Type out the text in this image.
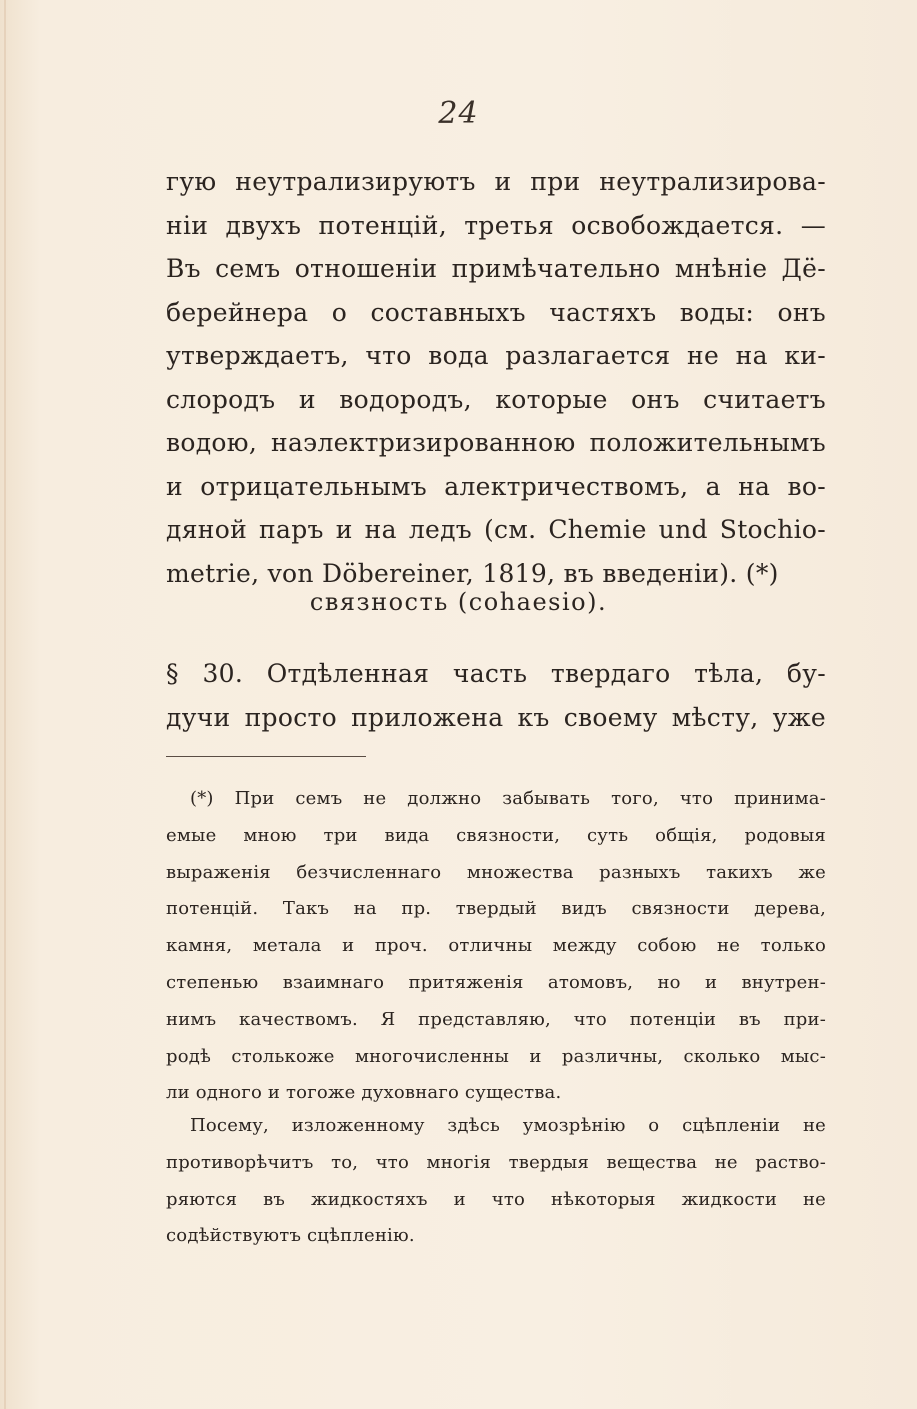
24
гую неутрализируютъ и при неутрализирова-
ніи двухъ потенцій, третья освобождается. —
Въ семъ отношеніи примѣчательно мнѣніе Дё-
берейнера о составныхъ частяхъ воды: онъ
утверждаетъ, что вода разлагается не на ки-
слородъ и водородъ, которые онъ считаетъ
водою, наэлектризированною положительнымъ
и отрицательнымъ алектричествомъ, а на во-
дяной паръ и на ледъ (см. Chemie und Stochio-
metrie, von Döbereiner, 1819, въ введеніи). (*)
связность (cohaesio).
§ 30. Отдѣленная часть твердаго тѣла, бу-
дучи просто приложена къ своему мѣсту, уже
(*) При семъ не должно забывать того, что принимa-
емые мною три вида связности, суть общія, родовыя
выраженія безчисленнаго множества разныхъ такихъ же
потенцій. Такъ на пр. твердый видъ связности дерева,
камня, метала и проч. отличны между собою не только
степенью взаимнаго притяженія атомовъ, но и внутрен-
нимъ качествомъ. Я представляю, что потенціи въ при-
родѣ столькоже многочисленны и различны, сколько мыс-
ли одного и тогоже духовнаго существа.
Посему, изложенному здѣсь умозрѣнію о сцѣпленіи не
противорѣчитъ то, что многія твердыя вещества не раство-
ряются въ жидкостяхъ и что нѣкоторыя жидкости не
содѣйствуютъ сцѣпленію.
